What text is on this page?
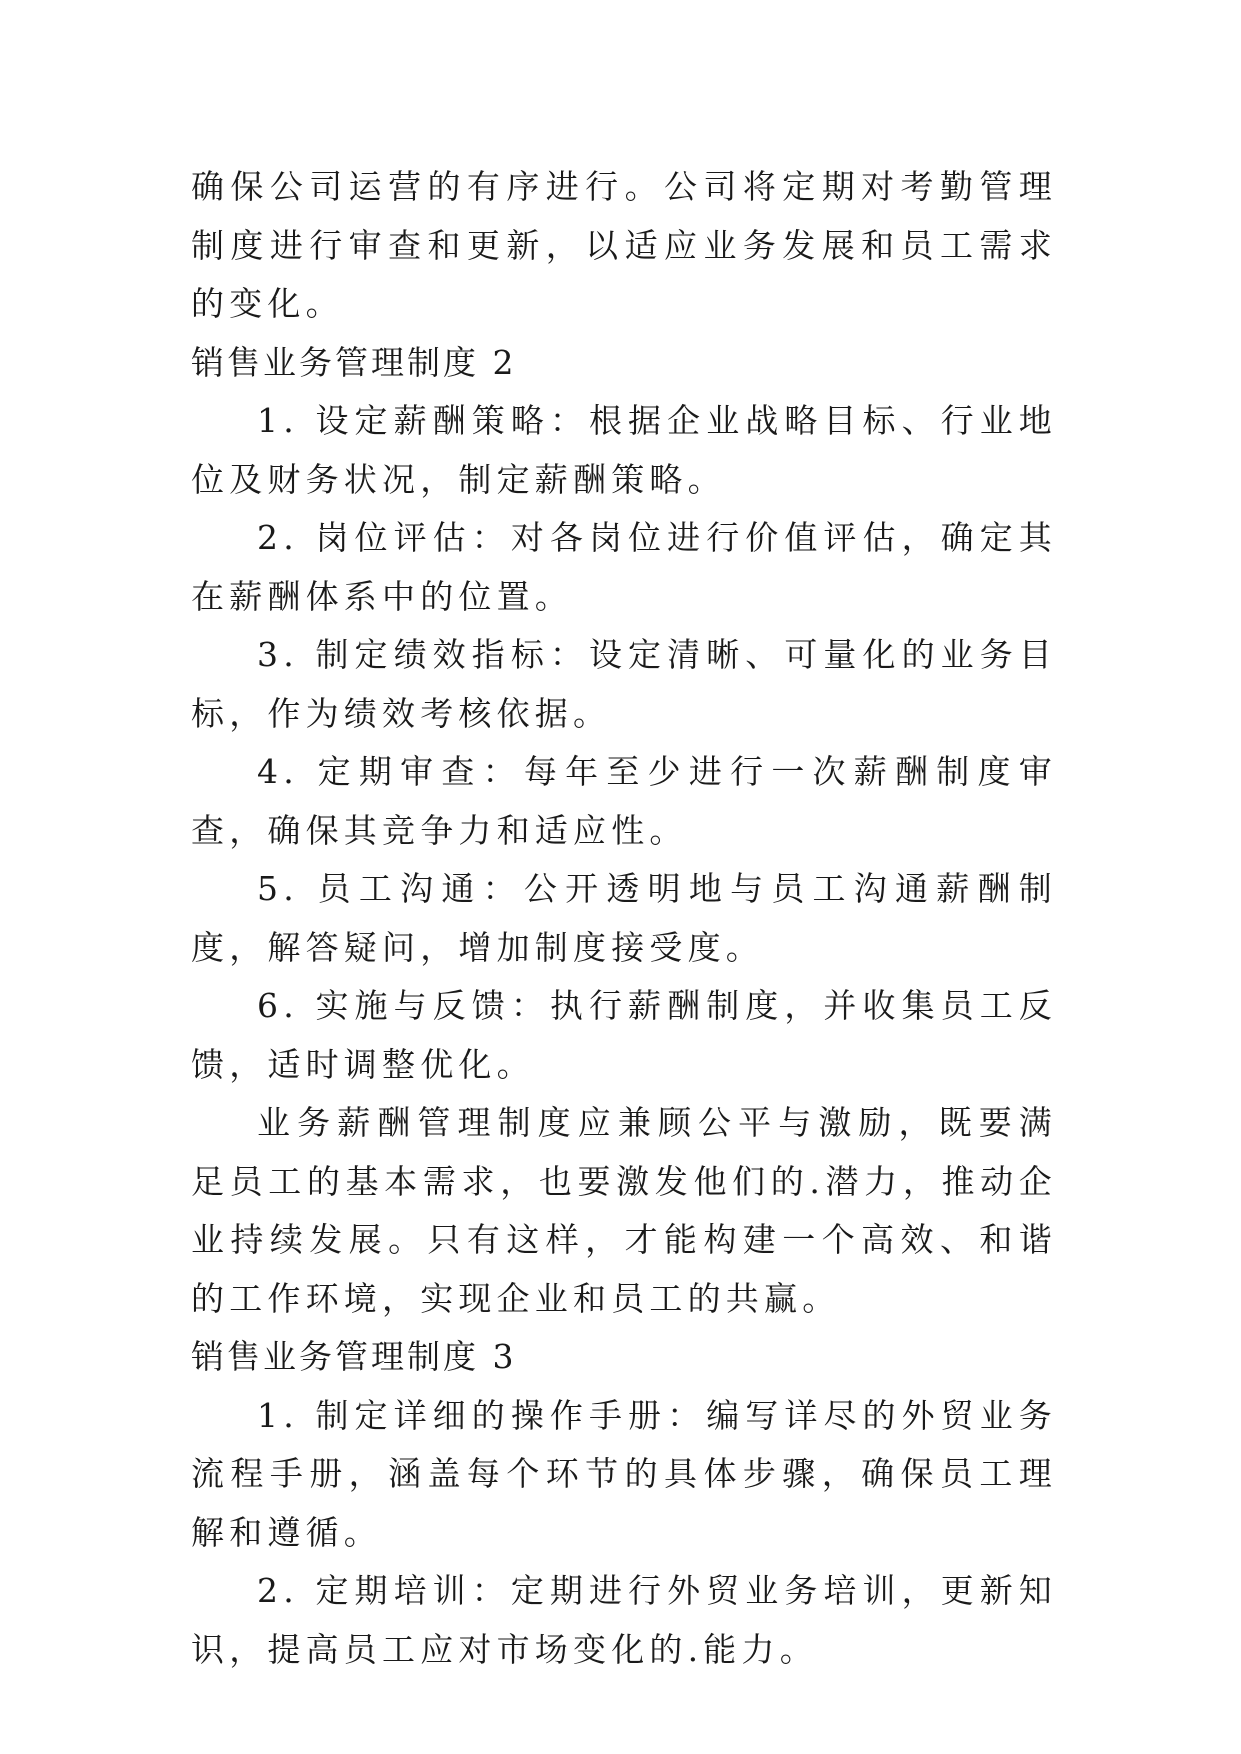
确保公司运营的有序进行。公司将定期对考勤管理制度进行审查和更新，以适应业务发展和员工需求的变化。

销售业务管理制度 2

1. 设定薪酬策略：根据企业战略目标、行业地位及财务状况，制定薪酬策略。

2. 岗位评估：对各岗位进行价值评估，确定其在薪酬体系中的位置。

3. 制定绩效指标：设定清晰、可量化的业务目标，作为绩效考核依据。

4. 定期审查：每年至少进行一次薪酬制度审查，确保其竞争力和适应性。

5. 员工沟通：公开透明地与员工沟通薪酬制度，解答疑问，增加制度接受度。

6. 实施与反馈：执行薪酬制度，并收集员工反馈，适时调整优化。

业务薪酬管理制度应兼顾公平与激励，既要满足员工的基本需求，也要激发他们的.潜力，推动企业持续发展。只有这样，才能构建一个高效、和谐的工作环境，实现企业和员工的共赢。

销售业务管理制度 3

1. 制定详细的操作手册：编写详尽的外贸业务流程手册，涵盖每个环节的具体步骤，确保员工理解和遵循。

2. 定期培训：定期进行外贸业务培训，更新知识，提高员工应对市场变化的.能力。
